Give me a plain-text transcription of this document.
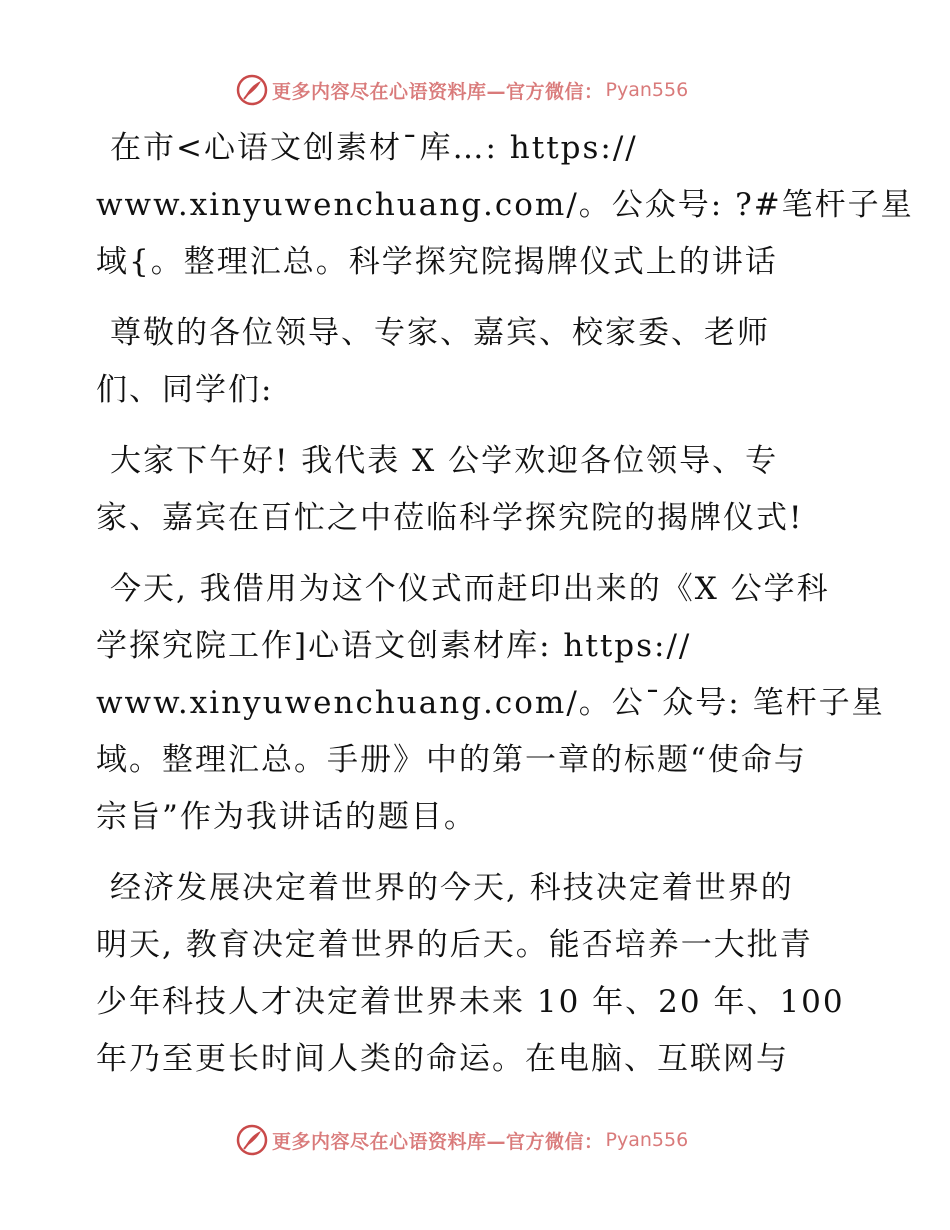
更多内容尽在心语资料库—官方微信： Pyan556
在市<心语文创素材¯库…: https://
www.xinyuwenchuang.com/。公众号: ?#笔杆子星
域{。整理汇总。科学探究院揭牌仪式上的讲话
尊敬的各位领导、专家、嘉宾、校家委、老师
们、同学们:
大家下午好! 我代表 X 公学欢迎各位领导、专
家、嘉宾在百忙之中莅临科学探究院的揭牌仪式!
今天, 我借用为这个仪式而赶印出来的《X 公学科
学探究院工作]心语文创素材库: https://
www.xinyuwenchuang.com/。公¯众号: 笔杆子星
域。整理汇总。手册》中的第一章的标题“使命与
宗旨”作为我讲话的题目。
经济发展决定着世界的今天, 科技决定着世界的
明天, 教育决定着世界的后天。能否培养一大批青
少年科技人才决定着世界未来 10 年、20 年、100
年乃至更长时间人类的命运。在电脑、互联网与
更多内容尽在心语资料库—官方微信： Pyan556
